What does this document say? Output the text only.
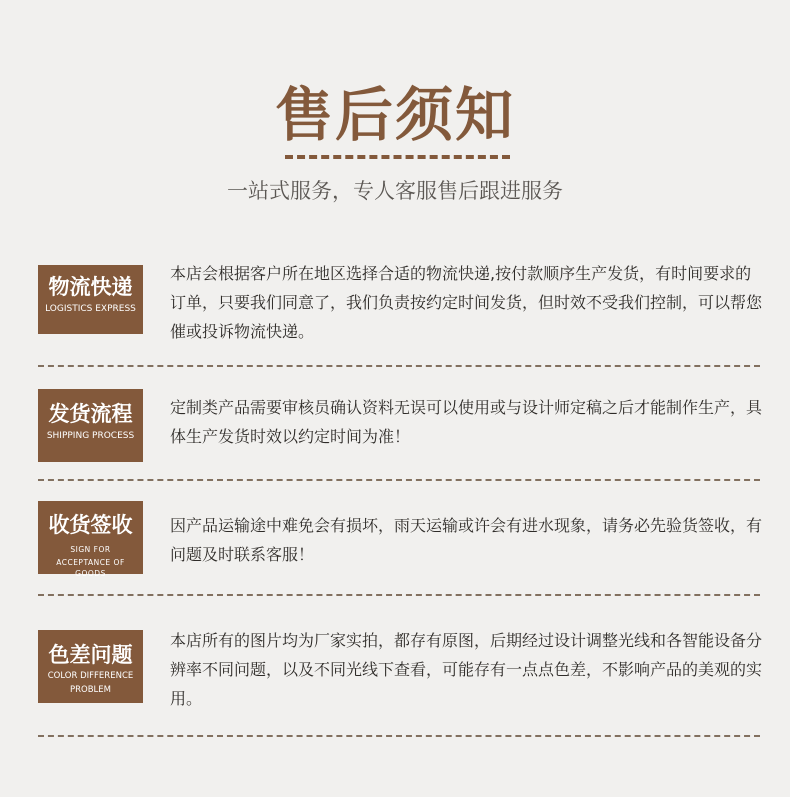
售后须知
一站式服务，专人客服售后跟进服务
物流快递
LOGISTICS EXPRESS
本店会根据客户所在地区选择合适的物流快递,按付款顺序生产发货，有时间要求的订单，只要我们同意了，我们负责按约定时间发货，但时效不受我们控制，可以帮您催或投诉物流快递。
发货流程
SHIPPING PROCESS
定制类产品需要审核员确认资料无误可以使用或与设计师定稿之后才能制作生产，具体生产发货时效以约定时间为准！
收货签收
SIGN FOR
ACCEPTANCE OF GOODS
因产品运输途中难免会有损坏，雨天运输或许会有进水现象，请务必先验货签收，有问题及时联系客服！
色差问题
COLOR DIFFERENCE
PROBLEM
本店所有的图片均为厂家实拍，都存有原图，后期经过设计调整光线和各智能设备分辨率不同问题，以及不同光线下查看，可能存有一点点色差，不影响产品的美观的实用。
